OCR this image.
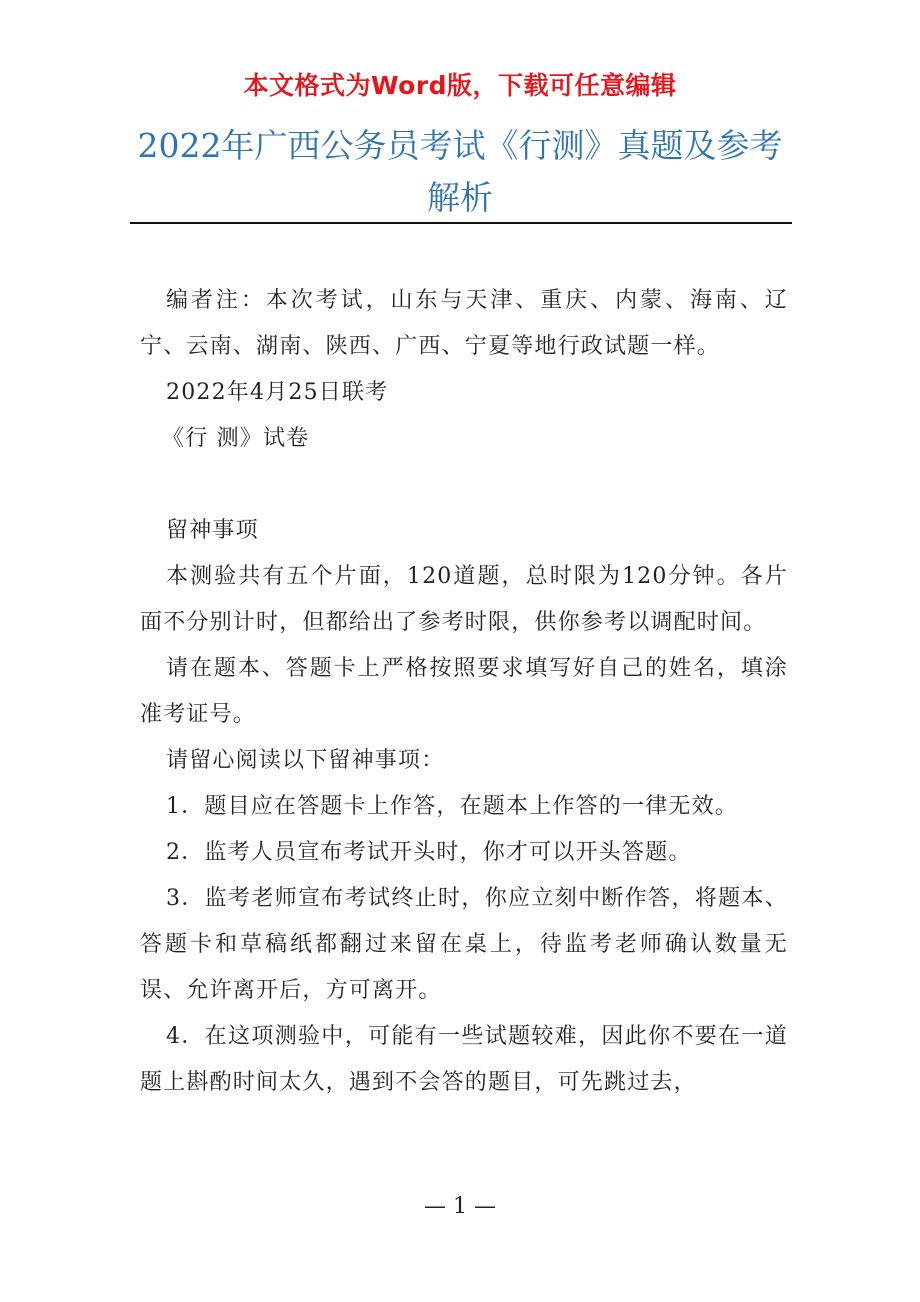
本文格式为Word版，下载可任意编辑
2022年广西公务员考试《行测》真题及参考解析

编者注：本次考试，山东与天津、重庆、内蒙、海南、辽宁、云南、湖南、陕西、广西、宁夏等地行政试题一样。

2022年4月25日联考

《行 测》试卷

留神事项

本测验共有五个片面，120道题，总时限为120分钟。各片面不分别计时，但都给出了参考时限，供你参考以调配时间。

请在题本、答题卡上严格按照要求填写好自己的姓名，填涂准考证号。

请留心阅读以下留神事项：

1．题目应在答题卡上作答，在题本上作答的一律无效。

2．监考人员宣布考试开头时，你才可以开头答题。

3．监考老师宣布考试终止时，你应立刻中断作答，将题本、答题卡和草稿纸都翻过来留在桌上，待监考老师确认数量无误、允许离开后，方可离开。

4．在这项测验中，可能有一些试题较难，因此你不要在一道题上斟酌时间太久，遇到不会答的题目，可先跳过去，

— 1 —
